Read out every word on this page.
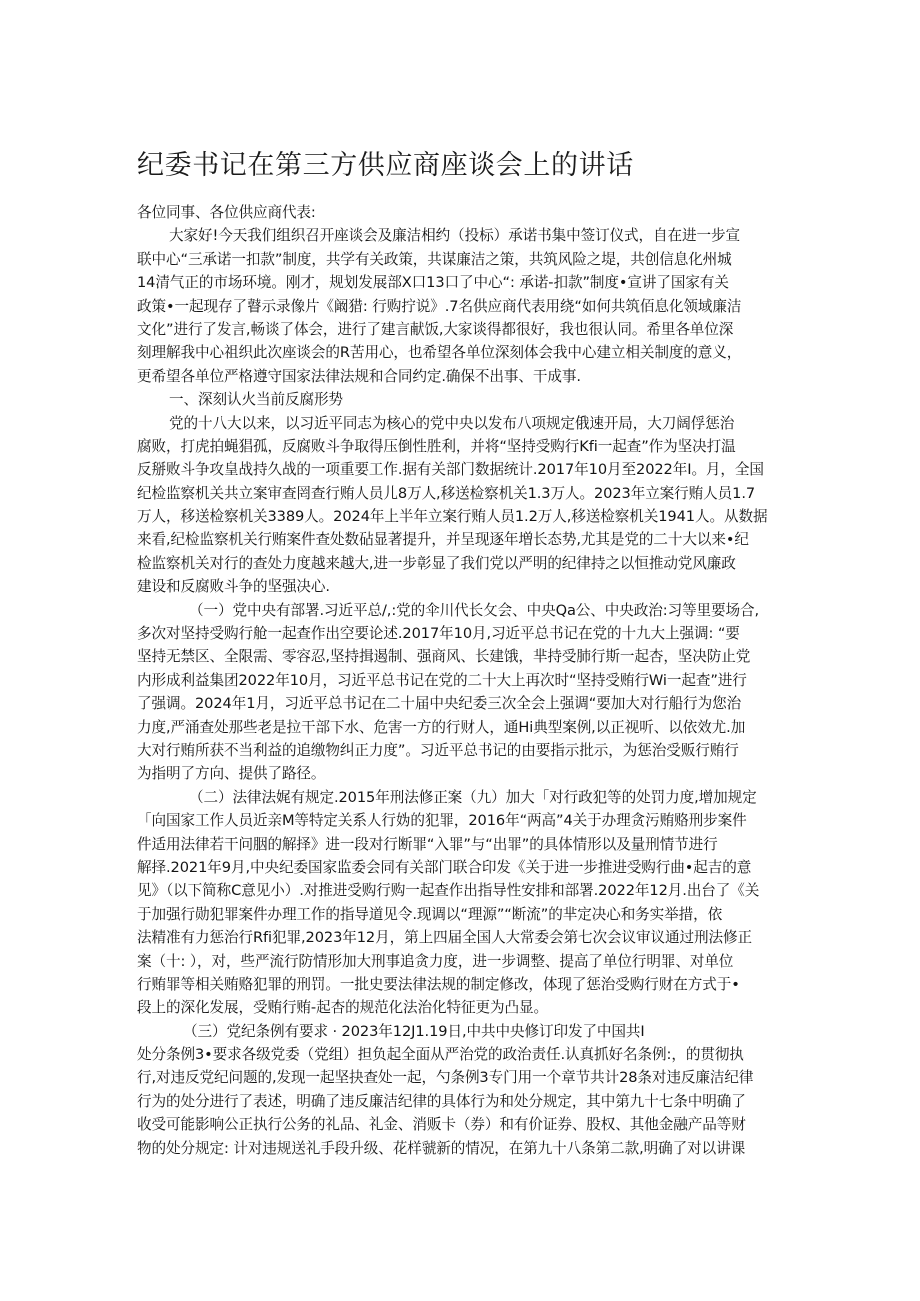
纪委书记在第三方供应商座谈会上的讲话
各位同事、各位供应商代表:
大家好!今天我们组织召开座谈会及廉洁相约（投标）承诺书集中签订仪式，自在进一步宣
联中心“三承诺一扣款”制度，共学有关政策，共谋廉洁之策，共筑风险之堤，共创信息化州城
14清气正的市场环境。刚才，规划发展部X口13口了中心“: 承诺-扣款”制度•宣讲了国家有关
政策•一起现存了瞽示录像片《阚猎: 行购拧说》.7名供应商代表用绕“如何共筑佰息化领域廉洁
文化”进行了发言,畅谈了体会，进行了建言献饭,大家谈得都很好，我也很认同。希里各单位深
刻理解我中心祖织此次座谈会的R苦用心，也希望各单位深刻体会我中心建立相关制度的意义，
更希望各单位严格遵守国家法律法规和合同约定.确保不出事、干成事.
一、深刻认火当前反腐形势
党的十八大以来，以习近平同志为核心的党中央以发布八项规定俄速开局，大刀阔俘惩治
腐败，打虎拍蝇猖孤，反腐败斗争取得压倒性胜利，并将“坚持受购行Kfi一起查”作为坚决打温
反掰败斗争攻皇战持久战的一项重要工作.据有关部门数据统计.2017年10月至2022年I。月，全国
纪检监察机关共立案审查罔查行贿人员儿8万人,移送检察机关1.3万人。2023年立案行贿人员1.7
万人，移送检察机关3389人。2024年上半年立案行贿人员1.2万人,移送检察机关1941人。从数据
来看,纪检监察机关行贿案件查处数砧显著提升，并呈现逐年増长态势,尤其是党的二十大以来•纪
检监察机关对行的查处力度越来越大,进一步彰显了我们党以严明的纪律持之以恒推动党风廉政
建设和反腐败斗争的坚强决心.
（一）党中央有部署.习近平总/,:党的伞川代长攵会、中央Qa公、中央政治:习等里要场合,
多次对坚持受购行舱一起查作出空要论述.2017年10月,习近平总书记在党的十九大上强调: “要
坚持无禁区、全限需、零容忍,坚持揖遏制、强商风、长建饿，芈持受肺行斯一起杏，坚决防止党
内形成利益集团2022年10月，习近平总书记在党的二十大上再次时“坚持受贿行Wi一起查”进行
了强调。2024年1月，习近平总书记在二十届中央纪委三次全会上强调“要加大对行船行为您治
力度,严涌查处那些老是拉干部下水、危害一方的行财人，通Hi典型案例,以正视听、以依效尤.加
大对行贿所获不当利益的追缴物纠正力度”。习近平总书记的由要指示批示，为惩治受贩行贿行
为指明了方向、提供了路径。
（二）法律法娓有规定.2015年刑法修正案（九）加大「对行政犯等的处罚力度,增加规定
「向国家工作人员近亲M等特定关系人行妫的犯罪，2016年“两高”4关于办理贪污贿赂刑步案件
件适用法律若干问胭的解择》进一段对行断罪“入罪”与“出罪”的具体情形以及量刑情节进行
解择.2021年9月,中央纪委国家监委会同有关部门联合印发《关于进一步推进受购行曲•起吉的意
见》（以下简称C意见小）.对推进受购行购一起查作出指导性安排和部署.2022年12月.出台了《关
于加强行勋犯罪案件办理工作的指导道见令.现调以“理源”“断流”的芈定决心和务实举措，依
法精准有力惩治行Rfi犯罪,2023年12月，第上四届全国人大常委会第七次会议审议通过刑法修正
案（十: ），对，些严流行防情形加大刑事追贪力度，进一步调整、提高了单位行明罪、对单位
行贿罪等相关贿赂犯罪的刑罚。一批史要法律法规的制定修改，体现了惩治受购行财在方式于•
段上的深化发展，受贿行贿-起杏的规范化法治化特征更为凸显。
（三）党纪条例有要求 · 2023年12J1.19日,中共中央修订印发了中国共I
处分条例3•要求各级党委（党组）担负起全面从严治党的政治责任.认真抓好名条例:，的贯彻执
行,对违反党纪问题的,发现一起坚抉查处一起，勺条例3专门用一个章节共计28条对违反廉洁纪律
行为的处分进行了表述，明确了违反廉洁纪律的具体行为和处分规定，其中第九十七条中明确了
收受可能影响公正执行公务的礼品、礼金、消贩卡（券）和有价证券、股权、其他金融产品等财
物的处分规定: 计对违规送礼手段升级、花样虢新的情况，在第九十八条第二款,明确了对以讲课
